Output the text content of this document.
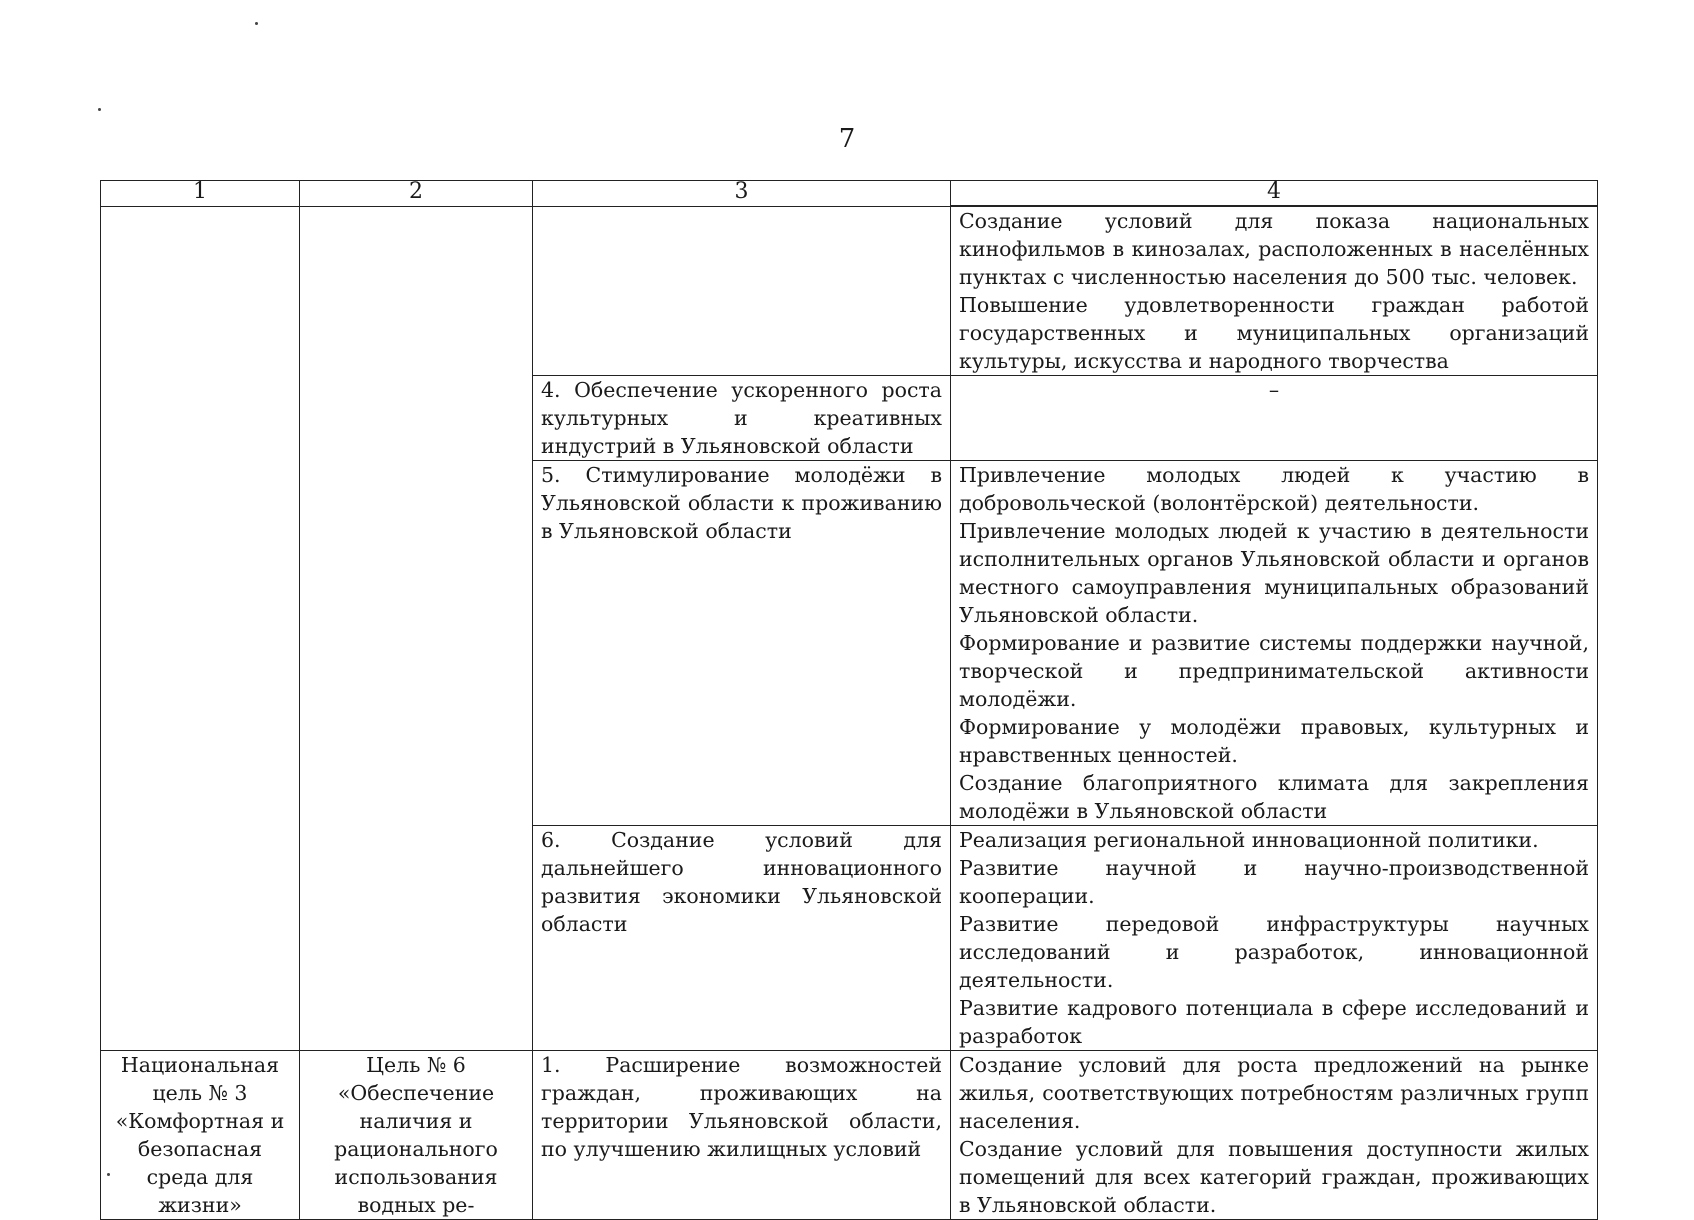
7
1	2	3	4

			Создание условий для показа национальных кинофильмов в кинозалах, расположенных в населённых пунктах с численностью населения до 500 тыс. человек.
Повышение удовлетворенности граждан работой государственных и муниципальных организаций культуры, искусства и народного творчества

		4. Обеспечение ускоренного роста культурных и креативных индустрий в Ульяновской области	–

		5. Стимулирование молодёжи в Ульяновской области к проживанию в Ульяновской области	Привлечение молодых людей к участию в добровольческой (волонтёрской) деятельности.
Привлечение молодых людей к участию в деятельности исполнительных органов Ульяновской области и органов местного самоуправления муниципальных образований Ульяновской области.
Формирование и развитие системы поддержки научной, творческой и предпринимательской активности молодёжи.
Формирование у молодёжи правовых, культурных и нравственных ценностей.
Создание благоприятного климата для закрепления молодёжи в Ульяновской области

		6. Создание условий для дальнейшего инновационного развития экономики Ульяновской области	Реализация региональной инновационной политики.
Развитие научной и научно-производственной кооперации.
Развитие передовой инфраструктуры научных исследований и разработок, инновационной деятельности.
Развитие кадрового потенциала в сфере исследований и разработок

Национальная цель № 3 «Комфортная и безопасная среда для жизни»	Цель № 6 «Обеспечение наличия и рационального использования водных ре-	1. Расширение возможностей граждан, проживающих на территории Ульяновской области, по улучшению жилищных условий	Создание условий для роста предложений на рынке жилья, соответствующих потребностям различных групп населения.
Создание условий для повышения доступности жилых помещений для всех категорий граждан, проживающих в Ульяновской области.
